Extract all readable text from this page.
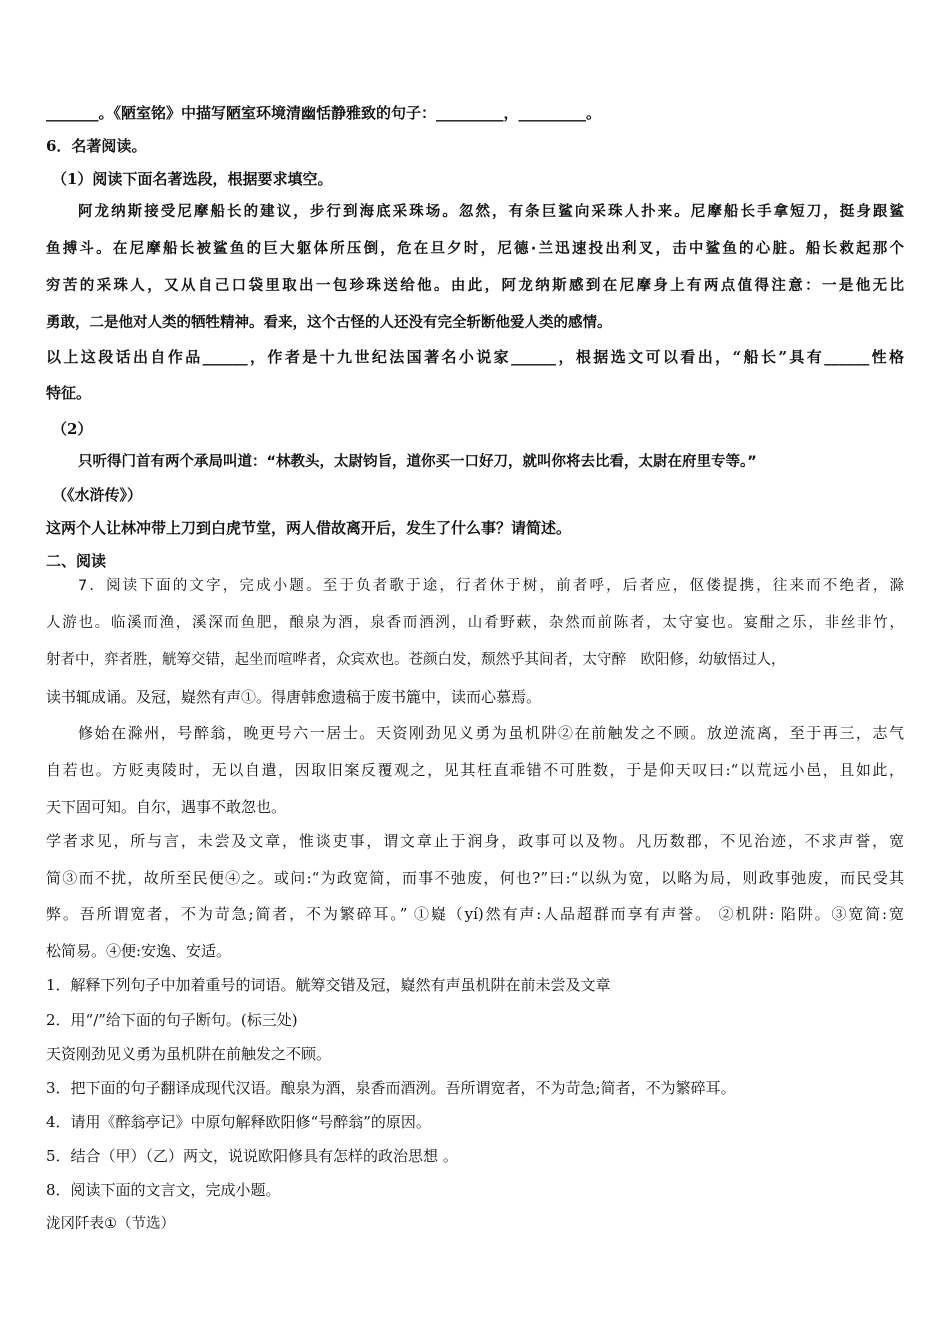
_______。《陋室铭》中描写陋室环境清幽恬静雅致的句子：_________，_________。
6．名著阅读。
（1）阅读下面名著选段，根据要求填空。
阿龙纳斯接受尼摩船长的建议，步行到海底采珠场。忽然，有条巨鲨向采珠人扑来。尼摩船长手拿短刀，挺身跟鲨
鱼搏斗。在尼摩船长被鲨鱼的巨大躯体所压倒，危在旦夕时，尼德·兰迅速投出利叉，击中鲨鱼的心脏。船长救起那个
穷苦的采珠人，又从自己口袋里取出一包珍珠送给他。由此，阿龙纳斯感到在尼摩身上有两点值得注意：一是他无比
勇敢，二是他对人类的牺牲精神。看来，这个古怪的人还没有完全斩断他爱人类的感情。
以上这段话出自作品______，作者是十九世纪法国著名小说家______，根据选文可以看出，“船长”具有______性格
特征。
（2）
只听得门首有两个承局叫道：“林教头，太尉钧旨，道你买一口好刀，就叫你将去比看，太尉在府里专等。”
（《水浒传》）
这两个人让林冲带上刀到白虎节堂，两人借故离开后，发生了什么事？请简述。
二、阅读
7．阅读下面的文字，完成小题。至于负者歌于途，行者休于树，前者呼，后者应，伛偻提携，往来而不绝者，滁
人游也。临溪而渔，溪深而鱼肥，酿泉为酒，泉香而酒洌，山肴野蔌，杂然而前陈者，太守宴也。宴酣之乐，非丝非竹，
射者中，弈者胜，觥筹交错，起坐而喧哗者，众宾欢也。苍颜白发，颓然乎其间者，太守醉　欧阳修，幼敏悟过人，
读书辄成诵。及冠，嶷然有声①。得唐韩愈遗稿于废书簏中，读而心慕焉。
修始在滁州，号醉翁，晚更号六一居士。天资刚劲见义勇为虽机阱②在前触发之不顾。放逆流离，至于再三，志气
自若也。方贬夷陵时，无以自遣，因取旧案反覆观之，见其枉直乖错不可胜数，于是仰天叹曰:“以荒远小邑，且如此，
天下固可知。自尔，遇事不敢忽也。
学者求见，所与言，未尝及文章，惟谈吏事，谓文章止于润身，政事可以及物。凡历数郡，不见治迹，不求声誉，宽
简③而不扰，故所至民便④之。或问:“为政宽简，而事不弛废，何也?”曰:“以纵为宽，以略为局，则政事弛废，而民受其
弊。吾所谓宽者，不为苛急;简者，不为繁碎耳。” ①嶷（yí)然有声:人品超群而享有声誉。 ②机阱: 陷阱。③宽简:宽
松简易。④便:安逸、安适。
1．解释下列句子中加着重号的词语。觥筹交错及冠，嶷然有声虽机阱在前未尝及文章
2．用“/”给下面的句子断句。(标三处)
天资刚劲见义勇为虽机阱在前触发之不顾。
3．把下面的句子翻译成现代汉语。酿泉为酒，泉香而酒洌。吾所谓宽者，不为苛急;简者，不为繁碎耳。
4．请用《醉翁亭记》中原句解释欧阳修“号醉翁”的原因。
5．结合（甲）（乙）两文，说说欧阳修具有怎样的政治思想 。
8．阅读下面的文言文，完成小题。
泷冈阡表①（节选）
